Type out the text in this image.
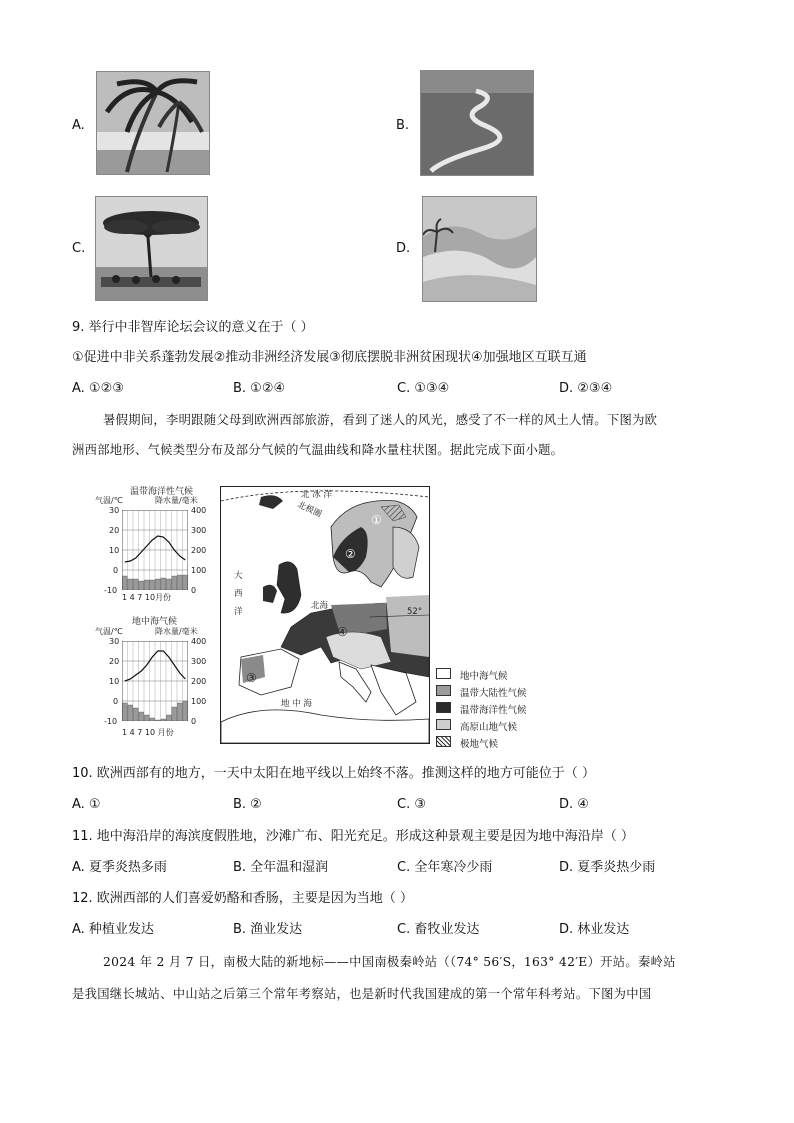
A.	B.
C.	D.
9. 举行中非智库论坛会议的意义在于（ ）
①促进中非关系蓬勃发展②推动非洲经济发展③彻底摆脱非洲贫困现状④加强地区互联互通
A. ①②③	B. ①②④	C. ①③④	D. ②③④
暑假期间，李明跟随父母到欧洲西部旅游，看到了迷人的风光，感受了不一样的风土人情。下图为欧
洲西部地形、气候类型分布及部分气候的气温曲线和降水量柱状图。据此完成下面小题。
温带海洋性气候
气温/℃	降水量/毫米
30
20
10
0
-10
400
300
200
100
0
1 4 7 10月份
地中海气候
气温/℃	降水量/毫米
30
20
10
0
-10
400
300
200
100
0
1 4 7 10 月份
北 冰 洋
北极圈
大
西
洋
北海
52°
地 中 海
①
②
③
④
地中海气候
温带大陆性气候
温带海洋性气候
高原山地气候
极地气候
10. 欧洲西部有的地方，一天中太阳在地平线以上始终不落。推测这样的地方可能位于（ ）
A. ①	B. ②	C. ③	D. ④
11. 地中海沿岸的海滨度假胜地，沙滩广布、阳光充足。形成这种景观主要是因为地中海沿岸（ ）
A. 夏季炎热多雨	B. 全年温和湿润	C. 全年寒冷少雨	D. 夏季炎热少雨
12. 欧洲西部的人们喜爱奶酪和香肠，主要是因为当地（ ）
A. 种植业发达	B. 渔业发达	C. 畜牧业发达	D. 林业发达
2024 年 2 月 7 日，南极大陆的新地标——中国南极秦岭站（（74° 56′S，163° 42′E）开站。秦岭站
是我国继长城站、中山站之后第三个常年考察站，也是新时代我国建成的第一个常年科考站。下图为中国
